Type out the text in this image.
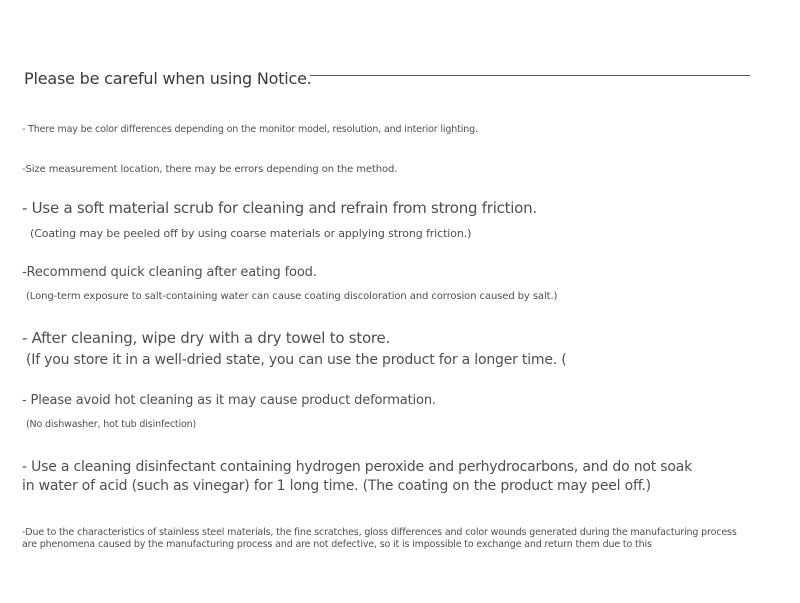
Please be careful when using Notice.
- There may be color differences depending on the monitor model, resolution, and interior lighting.
-Size measurement location, there may be errors depending on the method.
- Use a soft material scrub for cleaning and refrain from strong friction.
(Coating may be peeled off by using coarse materials or applying strong friction.)
-Recommend quick cleaning after eating food.
(Long-term exposure to salt-containing water can cause coating discoloration and corrosion caused by salt.)
- After cleaning, wipe dry with a dry towel to store.
(If you store it in a well-dried state, you can use the product for a longer time. (
- Please avoid hot cleaning as it may cause product deformation.
(No dishwasher, hot tub disinfection)
- Use a cleaning disinfectant containing hydrogen peroxide and perhydrocarbons, and do not soak
in water of acid (such as vinegar) for 1 long time. (The coating on the product may peel off.)
-Due to the characteristics of stainless steel materials, the fine scratches, gloss differences and color wounds generated during the manufacturing process
are phenomena caused by the manufacturing process and are not defective, so it is impossible to exchange and return them due to this
